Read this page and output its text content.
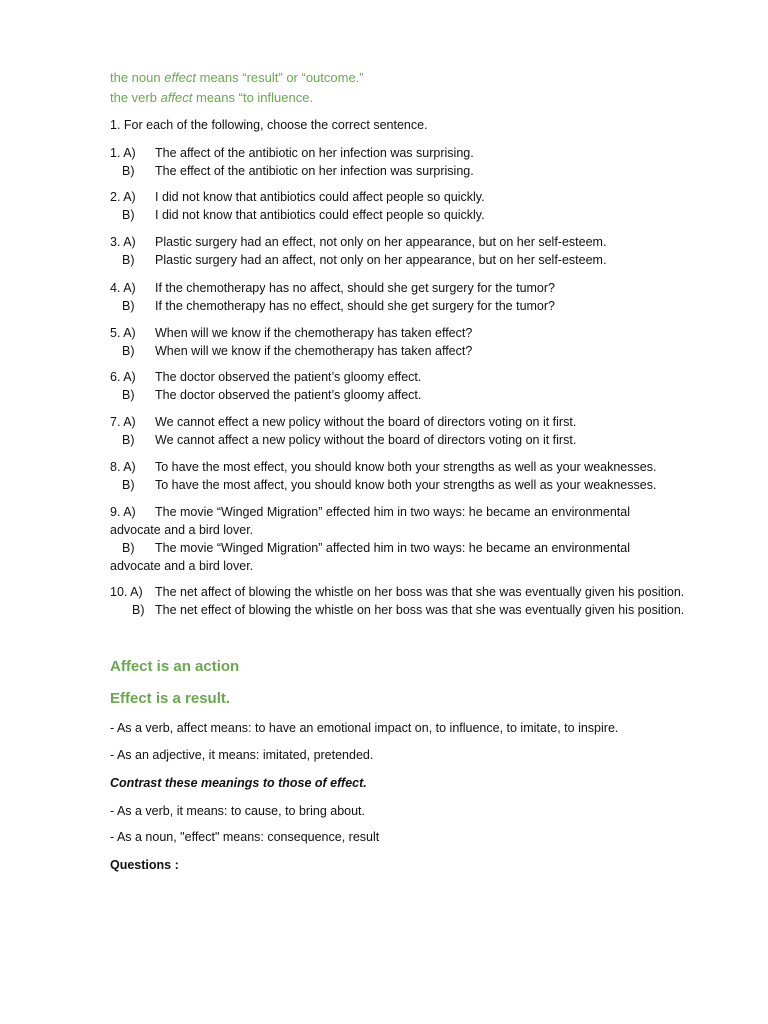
the noun effect means “result” or “outcome.”
the verb affect means “to influence.
1. For each of the following, choose the correct sentence.
1. A) The affect of the antibiotic on her infection was surprising.
B) The effect of the antibiotic on her infection was surprising.
2. A) I did not know that antibiotics could affect people so quickly.
B) I did not know that antibiotics could effect people so quickly.
3. A) Plastic surgery had an effect, not only on her appearance, but on her self-esteem.
B) Plastic surgery had an affect, not only on her appearance, but on her self-esteem.
4. A) If the chemotherapy has no affect, should she get surgery for the tumor?
B) If the chemotherapy has no effect, should she get surgery for the tumor?
5. A) When will we know if the chemotherapy has taken effect?
B) When will we know if the chemotherapy has taken affect?
6. A) The doctor observed the patient’s gloomy effect.
B) The doctor observed the patient’s gloomy affect.
7. A) We cannot effect a new policy without the board of directors voting on it first.
B) We cannot affect a new policy without the board of directors voting on it first.
8. A) To have the most effect, you should know both your strengths as well as your weaknesses.
B) To have the most affect, you should know both your strengths as well as your weaknesses.
9. A) The movie “Winged Migration” effected him in two ways: he became an environmental advocate and a bird lover.
B) The movie “Winged Migration” affected him in two ways: he became an environmental advocate and a bird lover.
10. A) The net affect of blowing the whistle on her boss was that she was eventually given his position.
B) The net effect of blowing the whistle on her boss was that she was eventually given his position.
Affect is an action
Effect is a result.
- As a verb, affect means: to have an emotional impact on, to influence, to imitate, to inspire.
- As an adjective, it means: imitated, pretended.
Contrast these meanings to those of effect.
- As a verb, it means: to cause, to bring about.
- As a noun, "effect" means: consequence, result
Questions :
